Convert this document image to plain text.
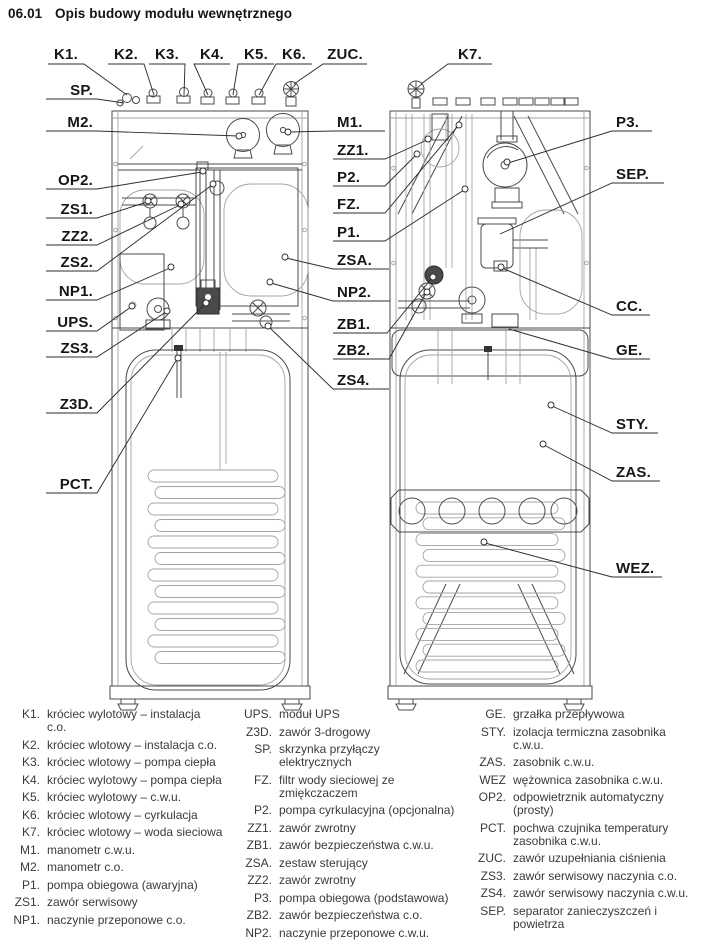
06.01 Opis budowy modułu wewnętrznego
K1. K2. K3. K4. K5. K6. ZUC.	K7.
SP.
M2.
OP2.
ZS1.
ZZ2.
ZS2.
NP1.
UPS.
ZS3.
Z3D.
PCT.
M1.
ZZ1.
P2.
FZ.
P1.
ZSA.
NP2.
ZB1.
ZB2.
ZS4.
P3.
SEP.
CC.
GE.
STY.
ZAS.
WEZ.
K1. króciec wylotowy – instalacja c.o.
K2. króciec wlotowy – instalacja c.o.
K3. króciec wlotowy – pompa ciepła
K4. króciec wylotowy – pompa ciepła
K5. króciec wylotowy – c.w.u.
K6. króciec wlotowy – cyrkulacja
K7. króciec wlotowy – woda sieciowa
M1. manometr c.w.u.
M2. manometr c.o.
P1. pompa obiegowa (awaryjna)
ZS1. zawór serwisowy
NP1. naczynie przeponowe c.o.
UPS. moduł UPS
Z3D. zawór 3-drogowy
SP. skrzynka przyłączy elektrycznych
FZ. filtr wody sieciowej ze zmiękczaczem
P2. pompa cyrkulacyjna (opcjonalna)
ZZ1. zawór zwrotny
ZB1. zawór bezpieczeństwa c.w.u.
ZSA. zestaw sterujący
ZZ2. zawór zwrotny
P3. pompa obiegowa (podstawowa)
ZB2. zawór bezpieczeństwa c.o.
NP2. naczynie przeponowe c.w.u.
GE. grzałka przepływowa
STY. izolacja termiczna zasobnika c.w.u.
ZAS. zasobnik c.w.u.
WEZ wężownica zasobnika c.w.u.
OP2. odpowietrznik automatyczny (prosty)
PCT. pochwa czujnika temperatury zasobnika c.w.u.
ZUC. zawór uzupełniania ciśnienia
ZS3. zawór serwisowy naczynia c.o.
ZS4. zawór serwisowy naczynia c.w.u.
SEP. separator zanieczyszczeń i powietrza
